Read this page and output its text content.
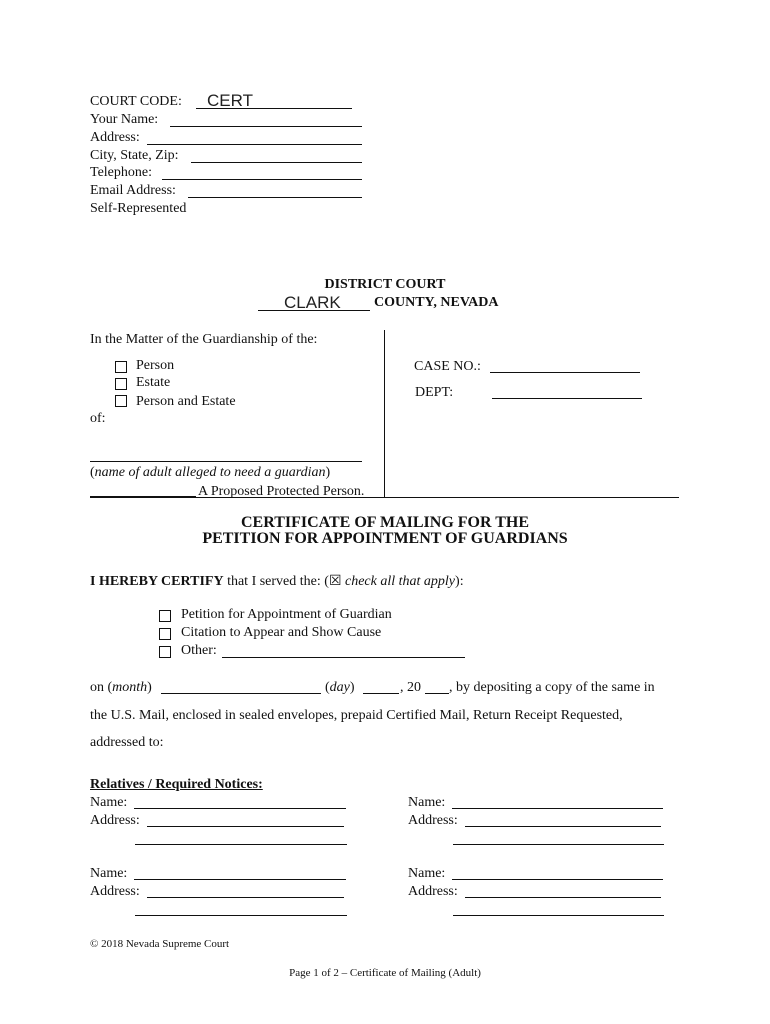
COURT CODE: CERT
Your Name:
Address:
City, State, Zip:
Telephone:
Email Address:
Self-Represented
DISTRICT COURT
CLARK COUNTY, NEVADA
In the Matter of the Guardianship of the:
Person
Estate
Person and Estate
of:
(name of adult alleged to need a guardian)
A Proposed Protected Person.
CASE NO.:
DEPT:
CERTIFICATE OF MAILING FOR THE
PETITION FOR APPOINTMENT OF GUARDIANS
I HEREBY CERTIFY that I served the: (☒ check all that apply):
Petition for Appointment of Guardian
Citation to Appear and Show Cause
Other:
on (month)	(day)	, 20 , by depositing a copy of the same in
the U.S. Mail, enclosed in sealed envelopes, prepaid Certified Mail, Return Receipt Requested,
addressed to:
Relatives / Required Notices:
Name:
Address:
Name:
Address:
Name:
Address:
Name:
Address:
© 2018 Nevada Supreme Court
Page 1 of 2 – Certificate of Mailing (Adult)
